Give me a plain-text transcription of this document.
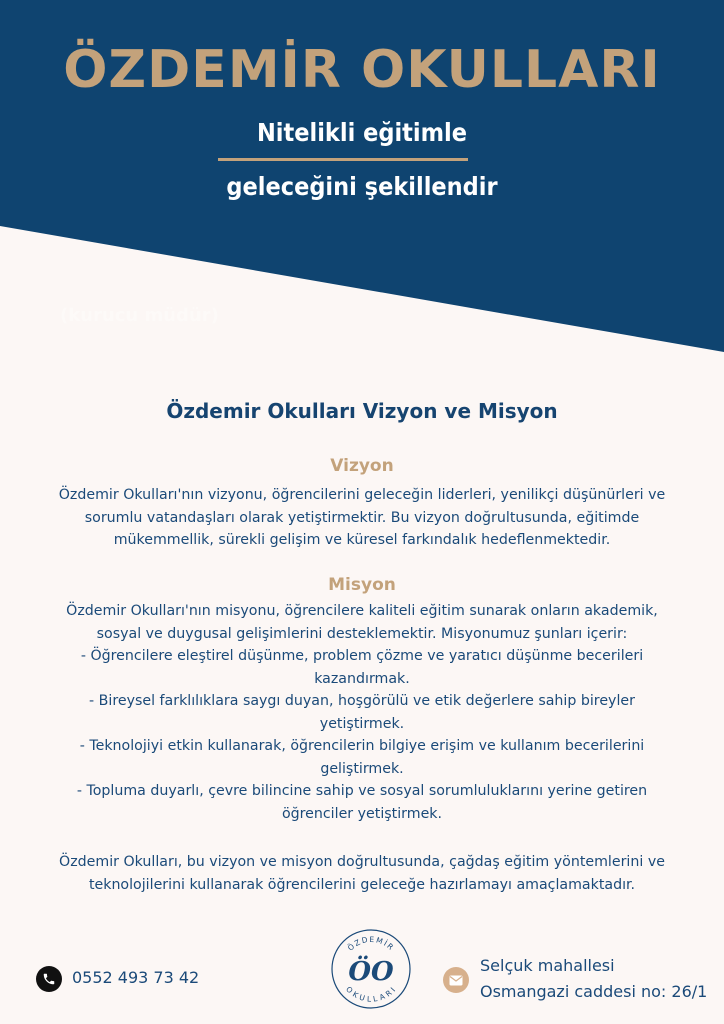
ÖZDEMİR OKULLARI
Nitelikli eğitimle
geleceğini şekillendir
(kurucu müdür)
Özdemir Okulları Vizyon ve Misyon
Vizyon
Özdemir Okulları'nın vizyonu, öğrencilerini geleceğin liderleri, yenilikçi düşünürleri ve
sorumlu vatandaşları olarak yetiştirmektir. Bu vizyon doğrultusunda, eğitimde
mükemmellik, sürekli gelişim ve küresel farkındalık hedeflenmektedir.
Misyon
Özdemir Okulları'nın misyonu, öğrencilere kaliteli eğitim sunarak onların akademik,
sosyal ve duygusal gelişimlerini desteklemektir. Misyonumuz şunları içerir:
- Öğrencilere eleştirel düşünme, problem çözme ve yaratıcı düşünme becerileri
kazandırmak.
- Bireysel farklılıklara saygı duyan, hoşgörülü ve etik değerlere sahip bireyler
yetiştirmek.
- Teknolojiyi etkin kullanarak, öğrencilerin bilgiye erişim ve kullanım becerilerini
geliştirmek.
- Topluma duyarlı, çevre bilincine sahip ve sosyal sorumluluklarını yerine getiren
öğrenciler yetiştirmek.
Özdemir Okulları, bu vizyon ve misyon doğrultusunda, çağdaş eğitim yöntemlerini ve
teknolojilerini kullanarak öğrencilerini geleceğe hazırlamayı amaçlamaktadır.
0552 493 73 42
ÖZDEMİR
OKULLARI
ÖO	Selçuk mahallesi
Osmangazi caddesi no: 26/1
